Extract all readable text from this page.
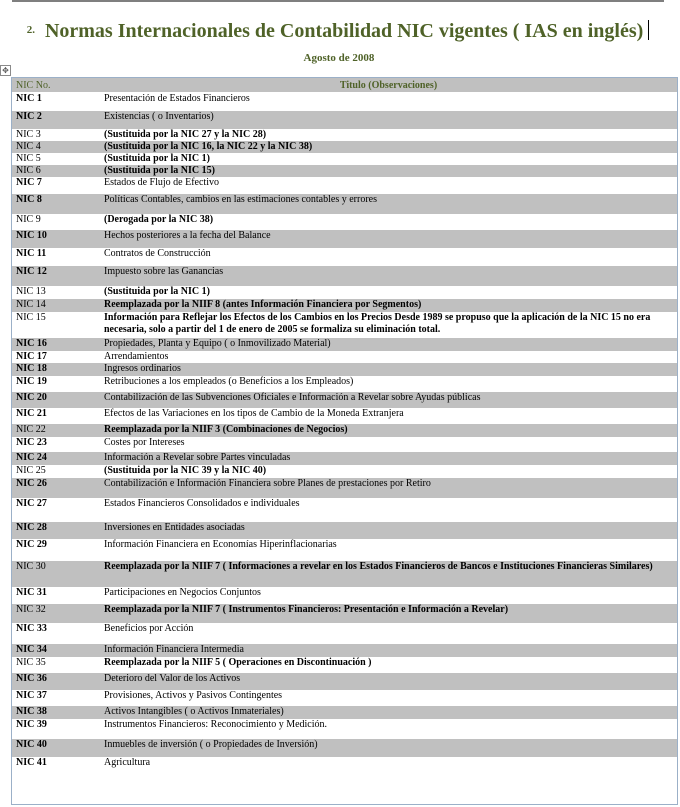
$^{2.}$ Normas Internacionales de Contabilidad NIC vigentes ( IAS en inglés) Agosto de 2008
✥
NIC No.	Titulo (Observaciones)
NIC 1	Presentación de Estados Financieros
NIC 2	Existencias ( o Inventarios)
NIC 3	(Sustituida por la NIC 27 y la NIC 28)
NIC 4	(Sustituida por la NIC 16, la NIC 22 y la NIC 38)
NIC 5	(Sustituida por la NIC 1)
NIC 6	(Sustituida por la NIC 15)
NIC 7	Estados de Flujo de Efectivo
NIC 8	Políticas Contables, cambios en las estimaciones contables y errores
NIC 9	(Derogada por la NIC 38)
NIC 10	Hechos posteriores a la fecha del Balance
NIC 11	Contratos de Construcción
NIC 12	Impuesto sobre las Ganancias
NIC 13	(Sustituida por la NIC 1)
NIC 14	Reemplazada por la NIIF 8 (antes Información Financiera por Segmentos)
NIC 15	Información para Reflejar los Efectos de los Cambios en los Precios Desde 1989 se propuso que la aplicación de la NIC 15 no era necesaria, solo a partir del 1 de enero de 2005 se formaliza su eliminación total.
NIC 16	Propiedades, Planta y Equipo ( o Inmovilizado Material)
NIC 17	Arrendamientos
NIC 18	Ingresos ordinarios
NIC 19	Retribuciones a los empleados (o Beneficios a los Empleados)
NIC 20	Contabilización de las Subvenciones Oficiales e Información a Revelar sobre Ayudas públicas
NIC 21	Efectos de las Variaciones en los tipos de Cambio de la Moneda Extranjera
NIC 22	Reemplazada por la NIIF 3 (Combinaciones de Negocios)
NIC 23	Costes por Intereses
NIC 24	Información a Revelar sobre Partes vinculadas
NIC 25	(Sustituida por la NIC 39 y la NIC 40)
NIC 26	Contabilización e Información Financiera sobre Planes de prestaciones por Retiro
NIC 27	Estados Financieros Consolidados e individuales
NIC 28	Inversiones en Entidades asociadas
NIC 29	Información Financiera en Economías Hiperinflacionarias
NIC 30	Reemplazada por la NIIF 7 ( Informaciones a revelar en los Estados Financieros de Bancos e Instituciones Financieras Similares)
NIC 31	Participaciones en Negocios Conjuntos
NIC 32	Reemplazada por la NIIF 7 ( Instrumentos Financieros: Presentación e Información a Revelar)
NIC 33	Beneficios por Acción
NIC 34	Información Financiera Intermedia
NIC 35	Reemplazada por la NIIF 5 ( Operaciones en Discontinuación )
NIC 36	Deterioro del Valor de los Activos
NIC 37	Provisiones, Activos y Pasivos Contingentes
NIC 38	Activos Intangibles ( o Activos Inmateriales)
NIC 39	Instrumentos Financieros: Reconocimiento y Medición.
NIC 40	Inmuebles de inversión ( o Propiedades de Inversión)
NIC 41	Agricultura
